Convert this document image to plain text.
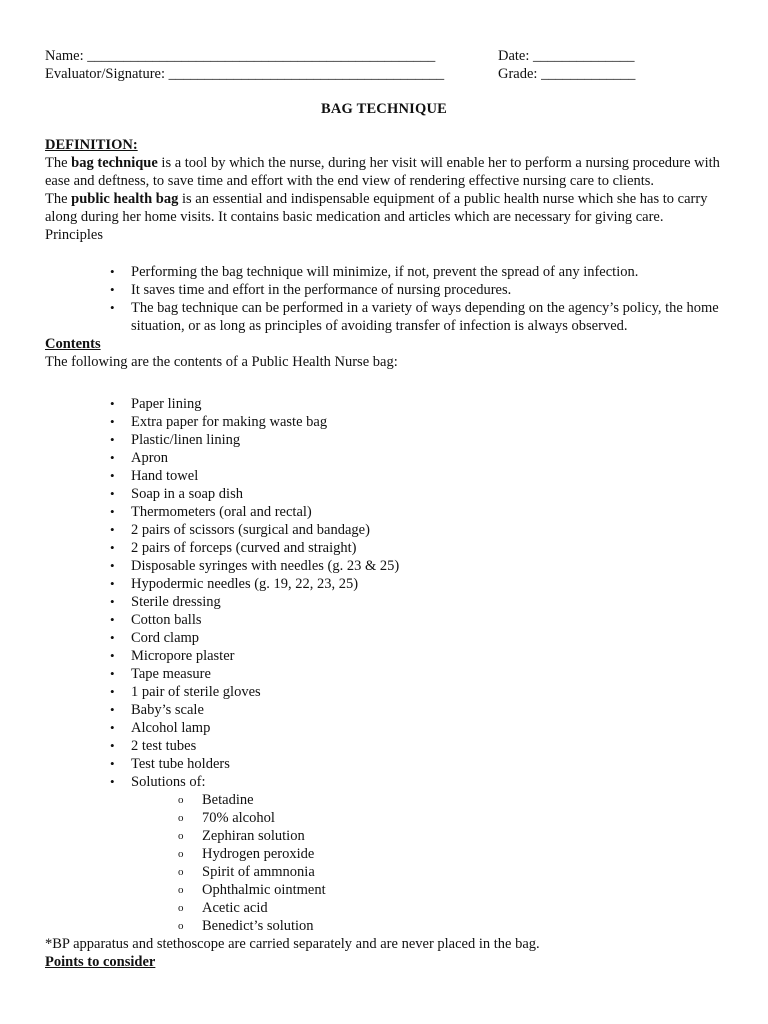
Name: ________________________________________________	Date: ______________
Evaluator/Signature: ______________________________________	Grade: _____________
BAG TECHNIQUE

DEFINITION:

The bag technique is a tool by which the nurse, during her visit will enable her to perform a nursing procedure with ease and deftness, to save time and effort with the end view of rendering effective nursing care to clients.

The public health bag is an essential and indispensable equipment of a public health nurse which she has to carry along during her home visits. It contains basic medication and articles which are necessary for giving care.

Principles

• Performing the bag technique will minimize, if not, prevent the spread of any infection.
• It saves time and effort in the performance of nursing procedures.
• The bag technique can be performed in a variety of ways depending on the agency’s policy, the home situation, or as long as principles of avoiding transfer of infection is always observed.

Contents

The following are the contents of a Public Health Nurse bag:

• Paper lining
• Extra paper for making waste bag
• Plastic/linen lining
• Apron
• Hand towel
• Soap in a soap dish
• Thermometers (oral and rectal)
• 2 pairs of scissors (surgical and bandage)
• 2 pairs of forceps (curved and straight)
• Disposable syringes with needles (g. 23 & 25)
• Hypodermic needles (g. 19, 22, 23, 25)
• Sterile dressing
• Cotton balls
• Cord clamp
• Micropore plaster
• Tape measure
• 1 pair of sterile gloves
• Baby’s scale
• Alcohol lamp
• 2 test tubes
• Test tube holders
• Solutions of:
o Betadine
o 70% alcohol
o Zephiran solution
o Hydrogen peroxide
o Spirit of ammnonia
o Ophthalmic ointment
o Acetic acid
o Benedict’s solution

*BP apparatus and stethoscope are carried separately and are never placed in the bag.

Points to consider
